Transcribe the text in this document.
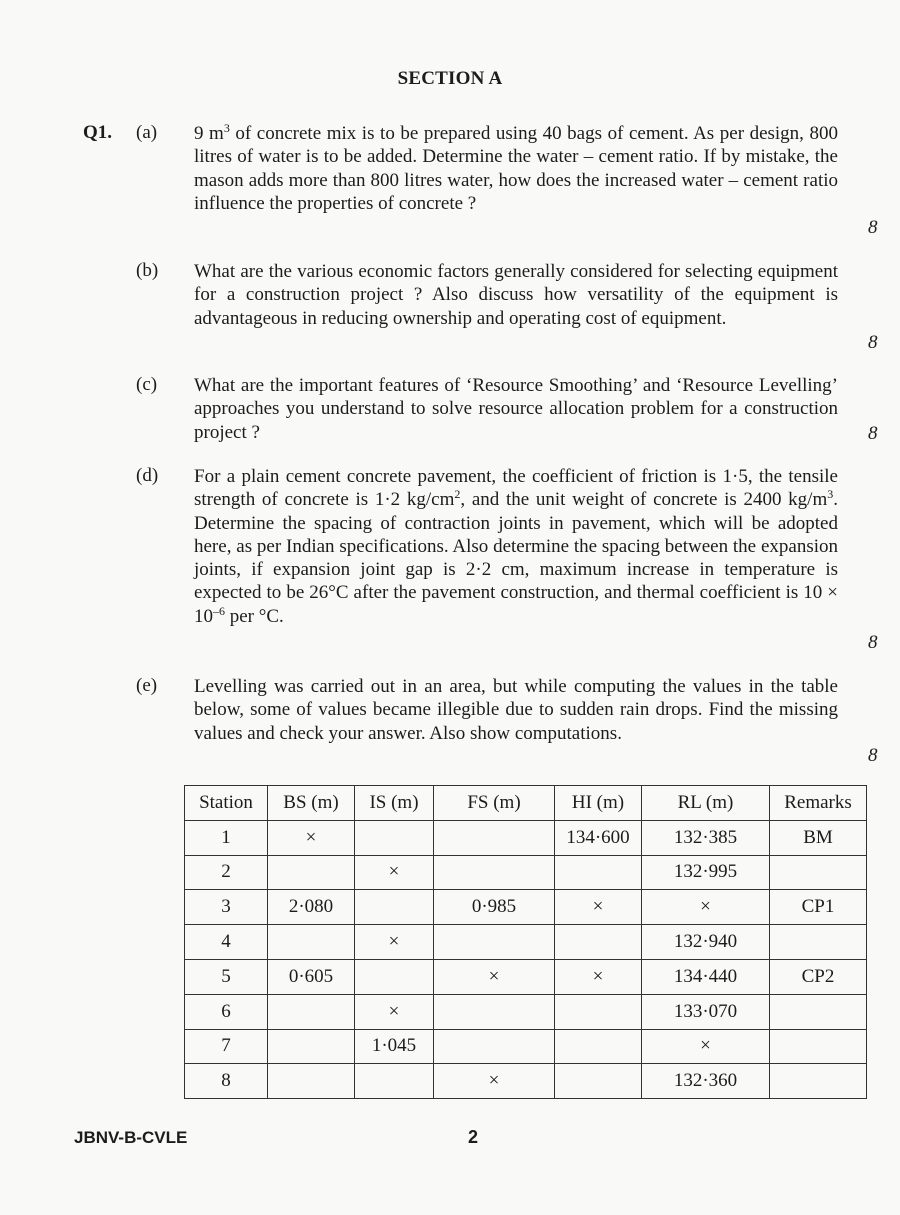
SECTION A
Q1. (a) 9 $m^3$ of concrete mix is to be prepared using 40 bags of cement. As per design, 800 litres of water is to be added. Determine the water – cement ratio. If by mistake, the mason adds more than 800 litres water, how does the increased water – cement ratio influence the properties of concrete ?
8
(b) What are the various economic factors generally considered for selecting equipment for a construction project ? Also discuss how versatility of the equipment is advantageous in reducing ownership and operating cost of equipment.
8
(c) What are the important features of ‘Resource Smoothing’ and ‘Resource Levelling’ approaches you understand to solve resource allocation problem for a construction project ?	8
(d) For a plain cement concrete pavement, the coefficient of friction is 1·5, the tensile strength of concrete is 1·2 $kg/cm^2$, and the unit weight of concrete is 2400 $kg/m^3$. Determine the spacing of contraction joints in pavement, which will be adopted here, as per Indian specifications. Also determine the spacing between the expansion joints, if expansion joint gap is 2·2 cm, maximum increase in temperature is expected to be 26°C after the pavement construction, and thermal coefficient is $10 \times 10^{-6}$ per °C.
8
(e) Levelling was carried out in an area, but while computing the values in the table below, some of values became illegible due to sudden rain drops. Find the missing values and check your answer. Also show computations.
8
Station	BS (m)	IS (m)	FS (m)	HI (m)	RL (m)	Remarks
1	×			134·600	132·385	BM
2		×			132·995	
3	2·080		0·985	×	×	CP1
4		×			132·940	
5	0·605		×	×	134·440	CP2
6		×			133·070	
7		1·045			×	
8			×		132·360	
JBNV-B-CVLE	2
